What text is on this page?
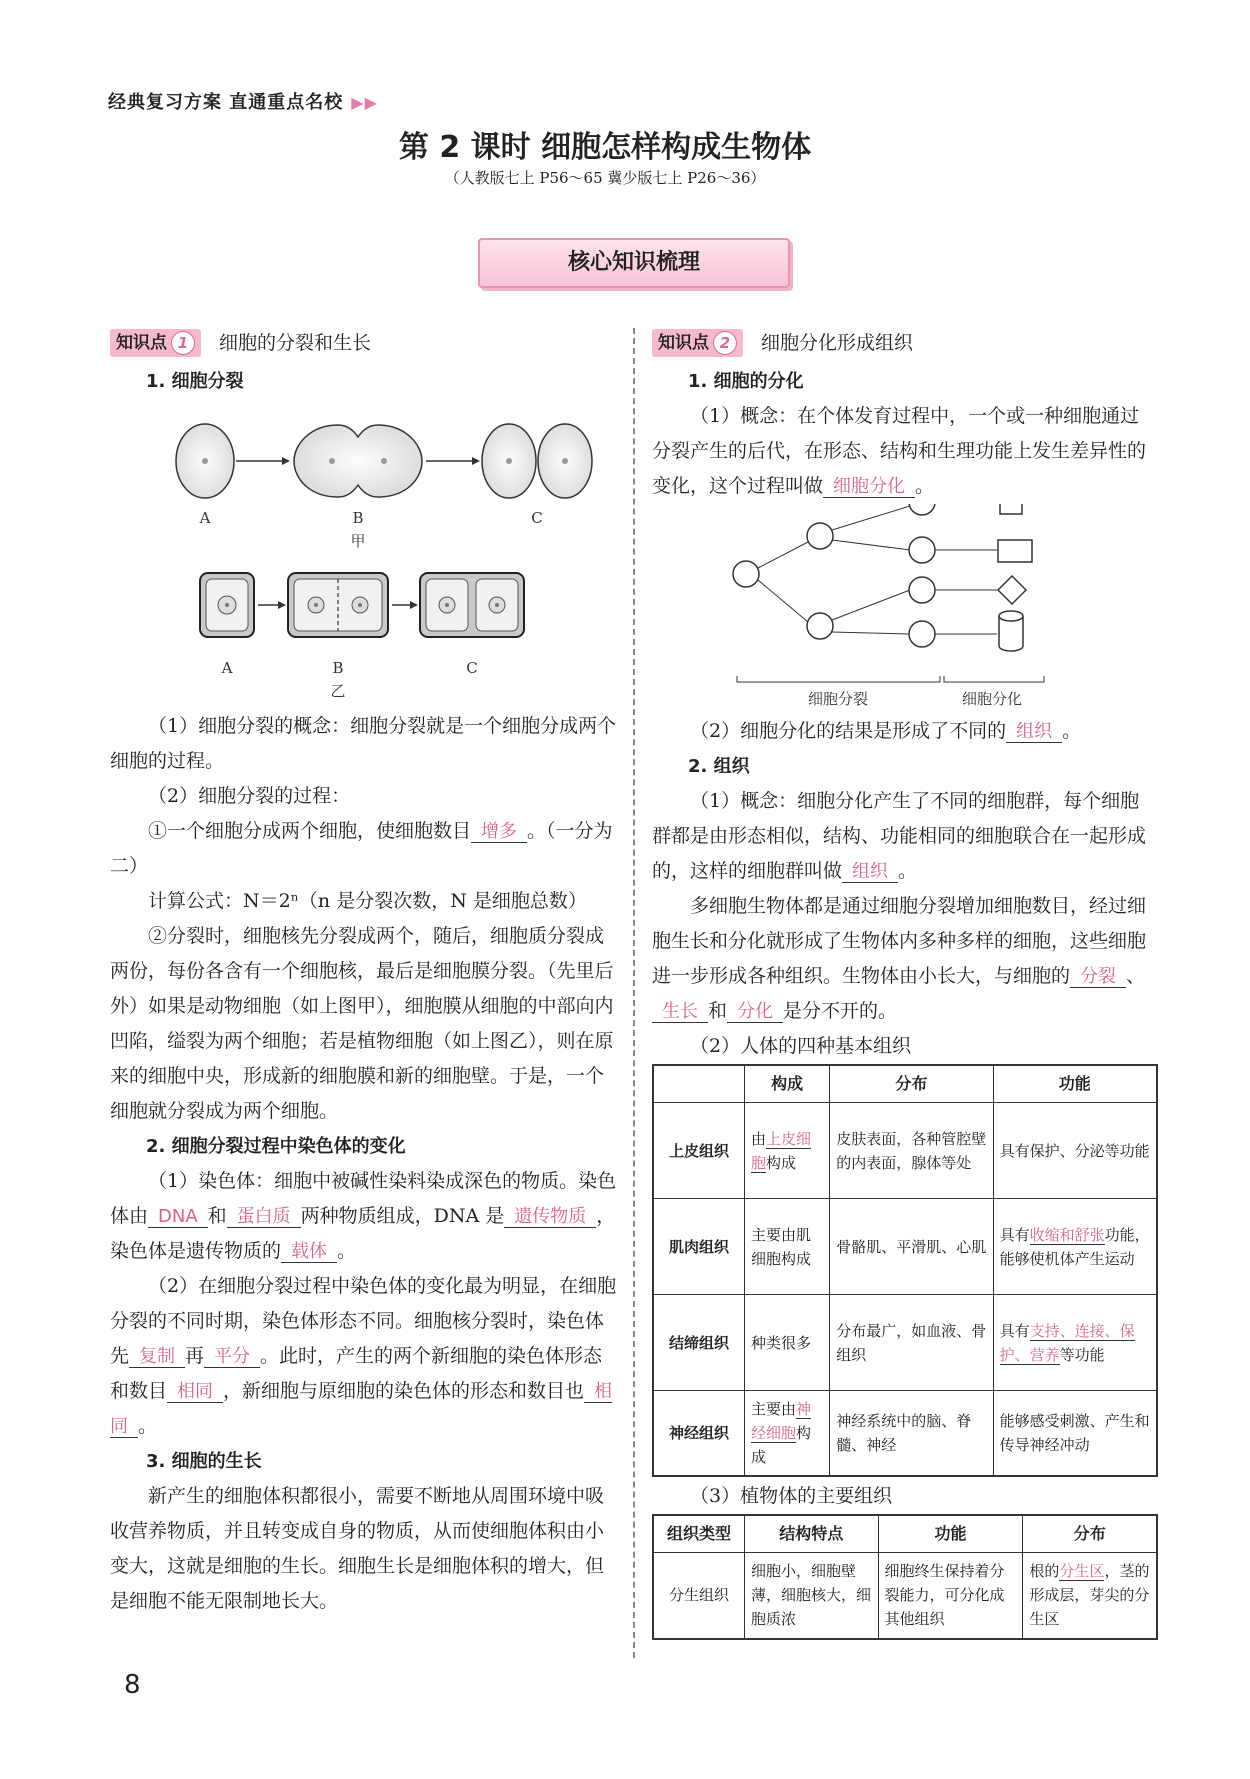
经典复习方案 直通重点名校 ▶▶
第 2 课时 细胞怎样构成生物体
（人教版七上 P56～65 冀少版七上 P26～36）
核心知识梳理
知识点 1	细胞的分裂和生长

1. 细胞分裂

A	B	C
甲
A	B	C
乙

（1）细胞分裂的概念：细胞分裂就是一个细胞分成两个细胞的过程。

（2）细胞分裂的过程：

①一个细胞分成两个细胞，使细胞数目 增多 。（一分为二）

计算公式：N＝2ⁿ（n 是分裂次数，N 是细胞总数）

②分裂时，细胞核先分裂成两个，随后，细胞质分裂成两份，每份各含有一个细胞核，最后是细胞膜分裂。（先里后外）如果是动物细胞（如上图甲），细胞膜从细胞的中部向内凹陷，缢裂为两个细胞；若是植物细胞（如上图乙），则在原来的细胞中央，形成新的细胞膜和新的细胞壁。于是，一个细胞就分裂成为两个细胞。

2. 细胞分裂过程中染色体的变化

（1）染色体：细胞中被碱性染料染成深色的物质。染色体由 DNA 和 蛋白质 两种物质组成，DNA 是 遗传物质 ，染色体是遗传物质的 载体 。

（2）在细胞分裂过程中染色体的变化最为明显，在细胞分裂的不同时期，染色体形态不同。细胞核分裂时，染色体先 复制 再 平分 。此时，产生的两个新细胞的染色体形态和数目 相同 ，新细胞与原细胞的染色体的形态和数目也 相同 。

3. 细胞的生长

新产生的细胞体积都很小，需要不断地从周围环境中吸收营养物质，并且转变成自身的物质，从而使细胞体积由小变大，这就是细胞的生长。细胞生长是细胞体积的增大，但是细胞不能无限制地长大。

知识点 2	细胞分化形成组织

1. 细胞的分化

（1）概念：在个体发育过程中，一个或一种细胞通过分裂产生的后代，在形态、结构和生理功能上发生差异性的变化，这个过程叫做 细胞分化 。

细胞分裂	细胞分化

（2）细胞分化的结果是形成了不同的 组织 。

2. 组织

（1）概念：细胞分化产生了不同的细胞群，每个细胞群都是由形态相似，结构、功能相同的细胞联合在一起形成的，这样的细胞群叫做 组织 。

多细胞生物体都是通过细胞分裂增加细胞数目，经过细胞生长和分化就形成了生物体内多种多样的细胞，这些细胞进一步形成各种组织。生物体由小长大，与细胞的 分裂 、生长 和 分化 是分不开的。

（2）人体的四种基本组织

	构成	分布	功能
上皮组织	由上皮细胞构成	皮肤表面，各种管腔壁的内表面，腺体等处	具有保护、分泌等功能
肌肉组织	主要由肌细胞构成	骨骼肌、平滑肌、心肌	具有收缩和舒张功能，能够使机体产生运动
结缔组织	种类很多	分布最广，如血液、骨组织	具有支持、连接、保护、营养等功能
神经组织	主要由神经细胞构成	神经系统中的脑、脊髓、神经	能够感受刺激、产生和传导神经冲动

（3）植物体的主要组织

组织类型	结构特点	功能	分布
分生组织	细胞小，细胞壁薄，细胞核大，细胞质浓	细胞终生保持着分裂能力，可分化成其他组织	根的分生区，茎的形成层，芽尖的分生区
8
